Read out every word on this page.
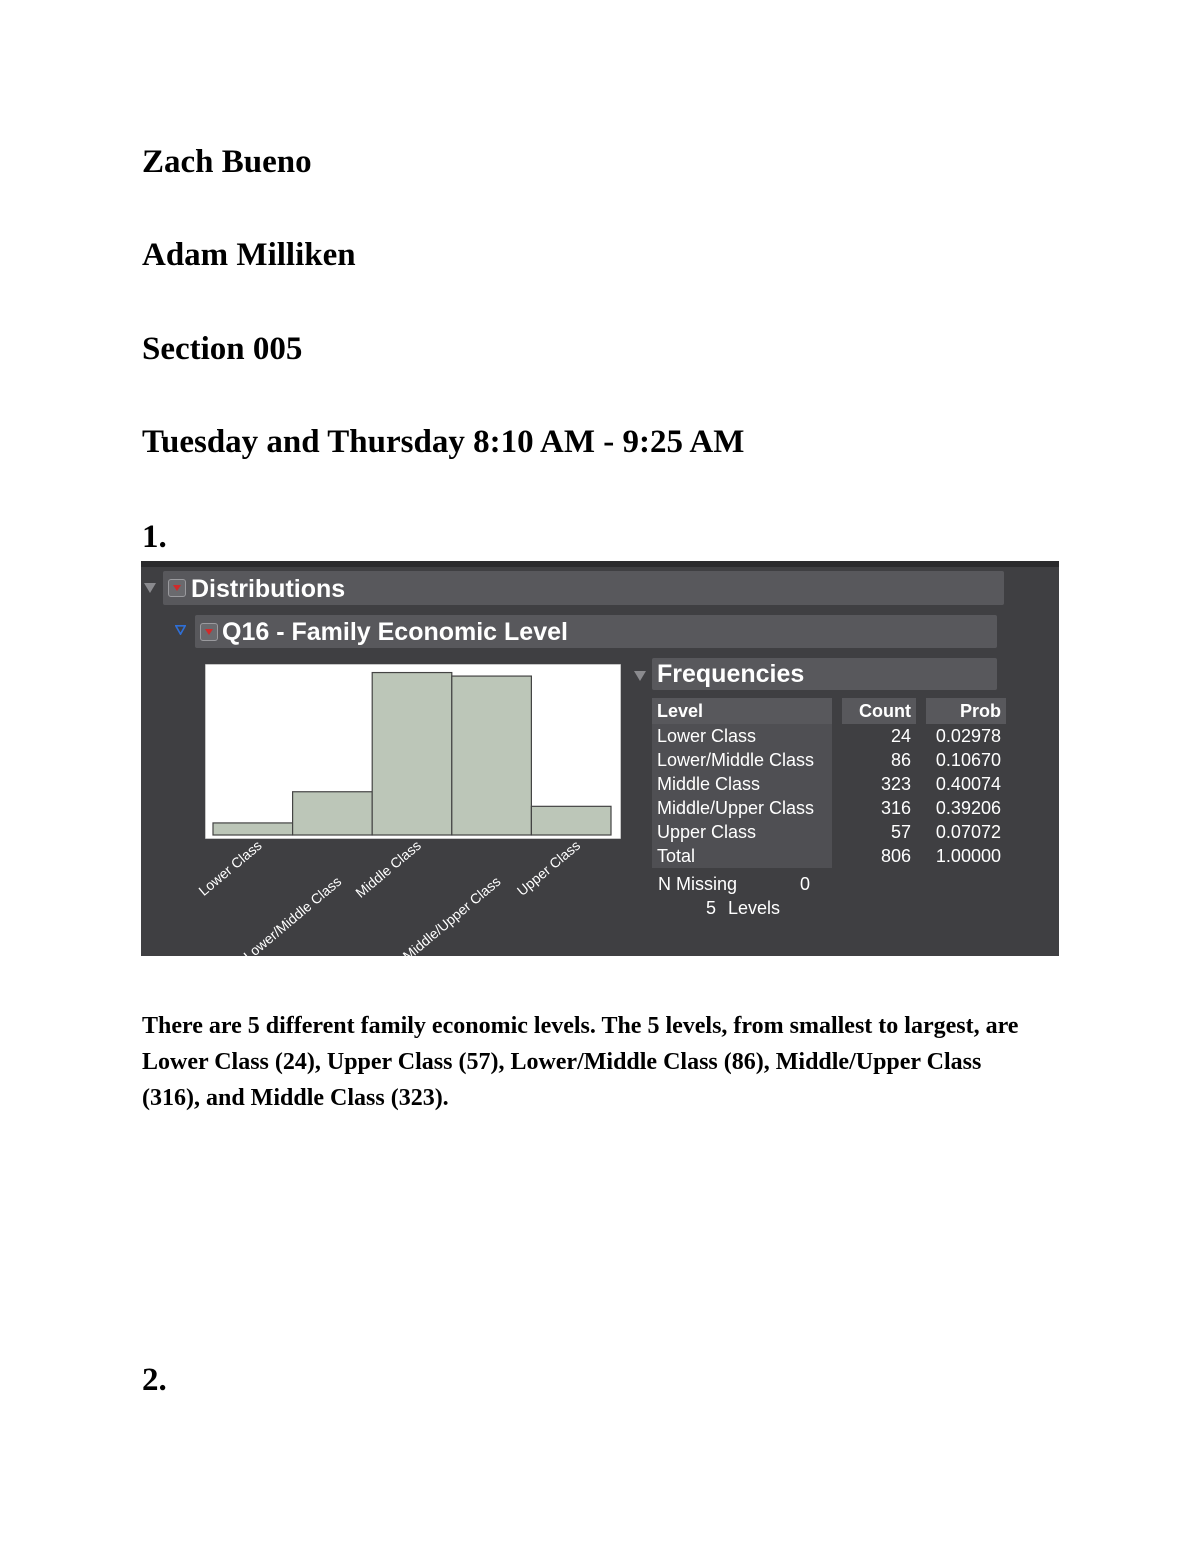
Zach Bueno
Adam Milliken
Section 005
Tuesday and Thursday 8:10 AM - 9:25 AM
1.
Distributions
Q16 - Family Economic Level
Lower Class
Lower/Middle Class
Middle Class
Middle/Upper Class
Upper Class
Frequencies
Level		Count		Prob
Lower Class		24		0.02978
Lower/Middle Class		86		0.10670
Middle Class		323		0.40074
Middle/Upper Class		316		0.39206
Upper Class		57		0.07072
Total		806		1.00000
N Missing	0
5 Levels

There are 5 different family economic levels. The 5 levels, from smallest to largest, are Lower Class (24), Upper Class (57), Lower/Middle Class (86), Middle/Upper Class (316), and Middle Class (323).

2.
